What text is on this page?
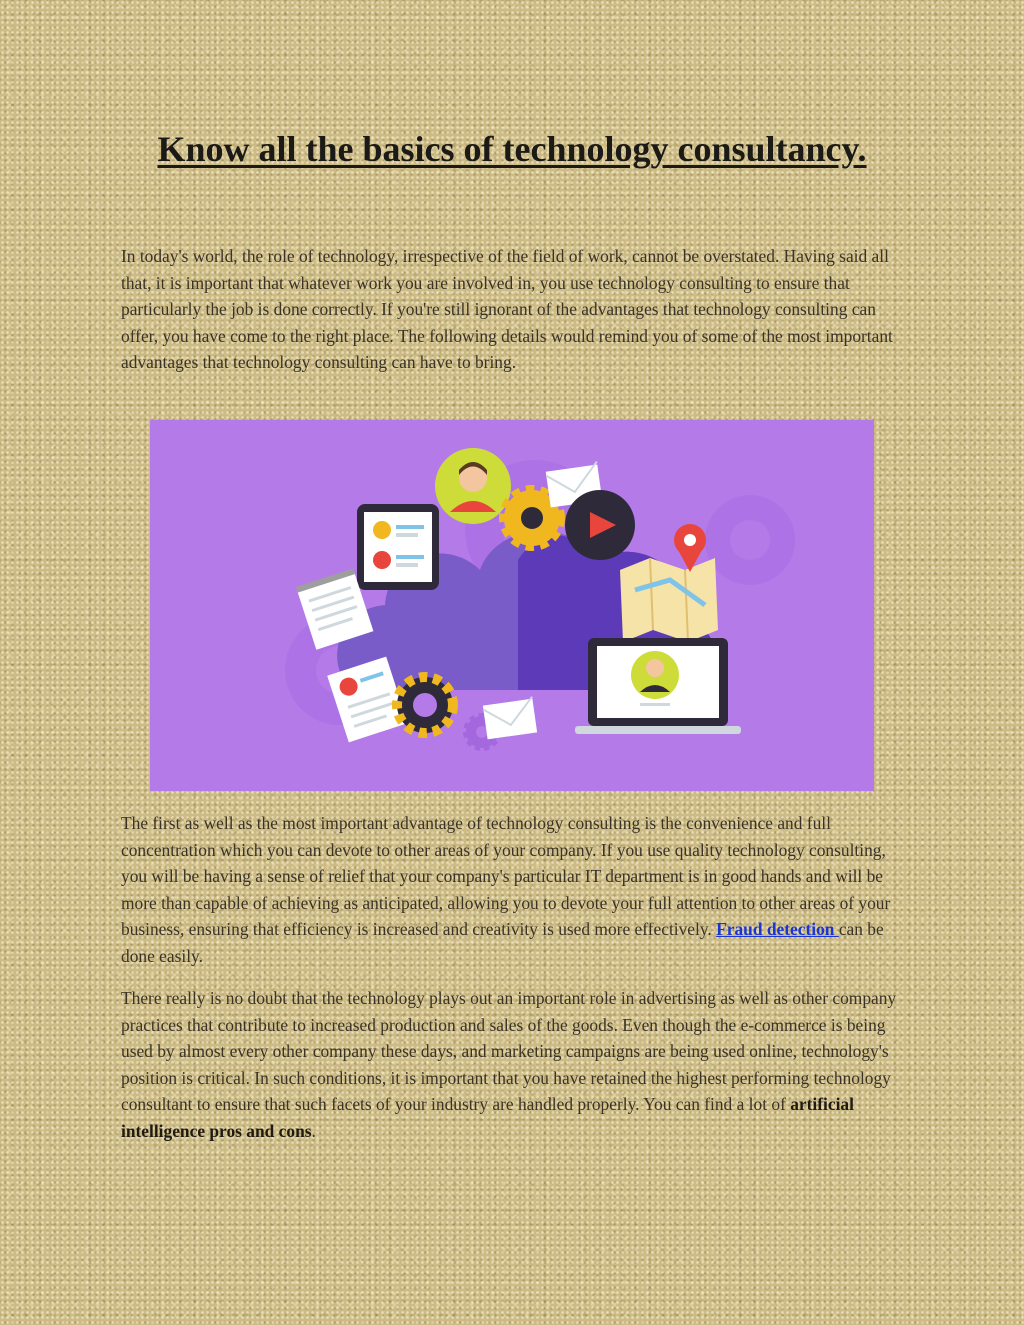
Know all the basics of technology consultancy.

In today's world, the role of technology, irrespective of the field of work, cannot be overstated. Having said all that, it is important that whatever work you are involved in, you use technology consulting to ensure that particularly the job is done correctly. If you're still ignorant of the advantages that technology consulting can offer, you have come to the right place. The following details would remind you of some of the most important advantages that technology consulting can have to bring.

The first as well as the most important advantage of technology consulting is the convenience and full concentration which you can devote to other areas of your company. If you use quality technology consulting, you will be having a sense of relief that your company's particular IT department is in good hands and will be more than capable of achieving as anticipated, allowing you to devote your full attention to other areas of your business, ensuring that efficiency is increased and creativity is used more effectively. Fraud detection can be done easily.

There really is no doubt that the technology plays out an important role in advertising as well as other company practices that contribute to increased production and sales of the goods. Even though the e-commerce is being used by almost every other company these days, and marketing campaigns are being used online, technology's position is critical. In such conditions, it is important that you have retained the highest performing technology consultant to ensure that such facets of your industry are handled properly. You can find a lot of artificial intelligence pros and cons.
